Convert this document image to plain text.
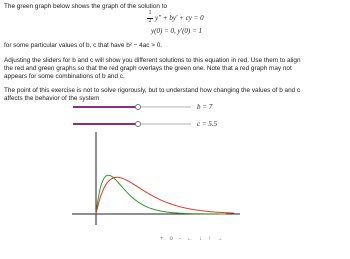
The green graph below shows the graph of the solution to
1
2 y'' + by' + cy = 0
y(0) = 0, y'(0) = 1
for some particular values of b, c that have b² − 4ac > 0.
Adjusting the sliders for b and c will show you different solutions to this equation in red. Use them to align
the red and green graphs so that the red graph overlays the green one. Note that a red graph may not
appears for some combinations of b and c.
The point of this exercise is not to solve rigorously, but to understand how changing the values of b and c
affects the behavior of the system
b = 7
c = 5.5
+ o - ← ↓ ↑ →
